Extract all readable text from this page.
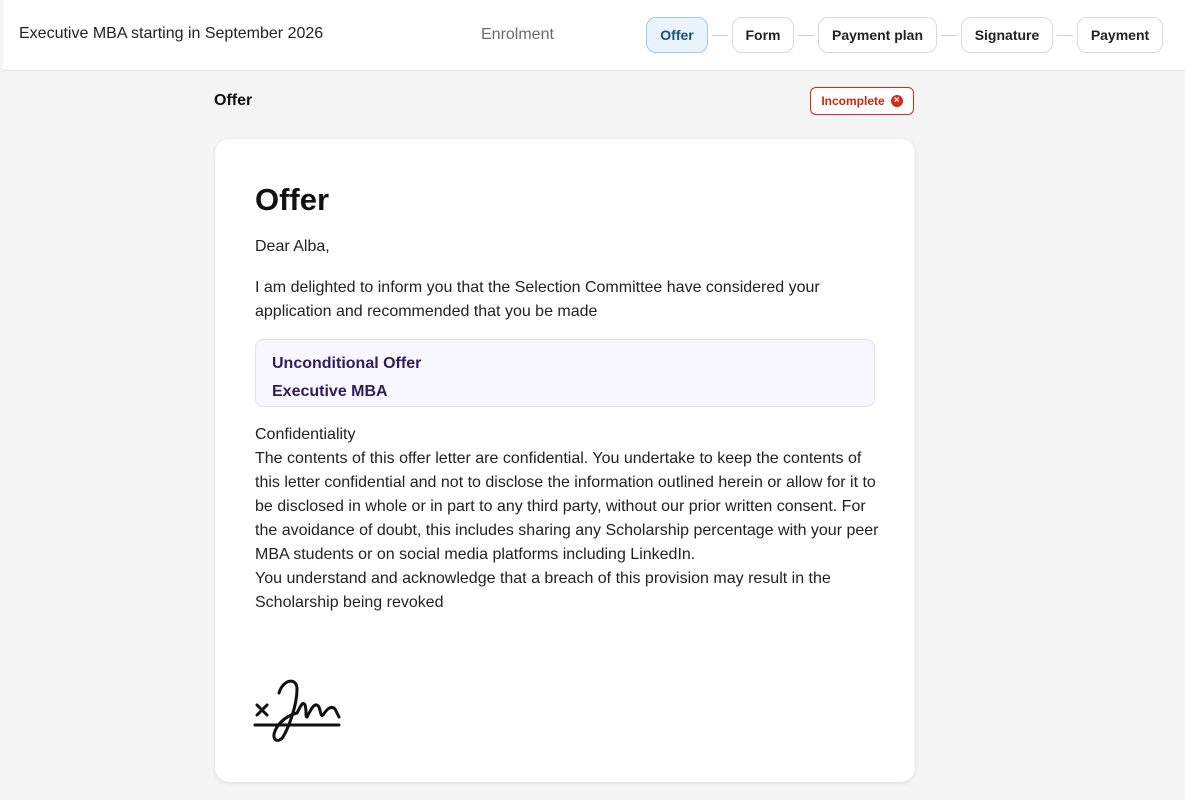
Executive MBA starting in September 2026	Enrolment	Offer	Form	Payment plan	Signature	Payment
Offer	Incomplete ×
Offer
Dear Alba,
I am delighted to inform you that the Selection Committee have considered your application and recommended that you be made
Unconditional Offer
Executive MBA
Confidentiality
The contents of this offer letter are confidential. You undertake to keep the contents of this letter confidential and not to disclose the information outlined herein or allow for it to be disclosed in whole or in part to any third party, without our prior written consent. For the avoidance of doubt, this includes sharing any Scholarship percentage with your peer MBA students or on social media platforms including LinkedIn.
You understand and acknowledge that a breach of this provision may result in the Scholarship being revoked
